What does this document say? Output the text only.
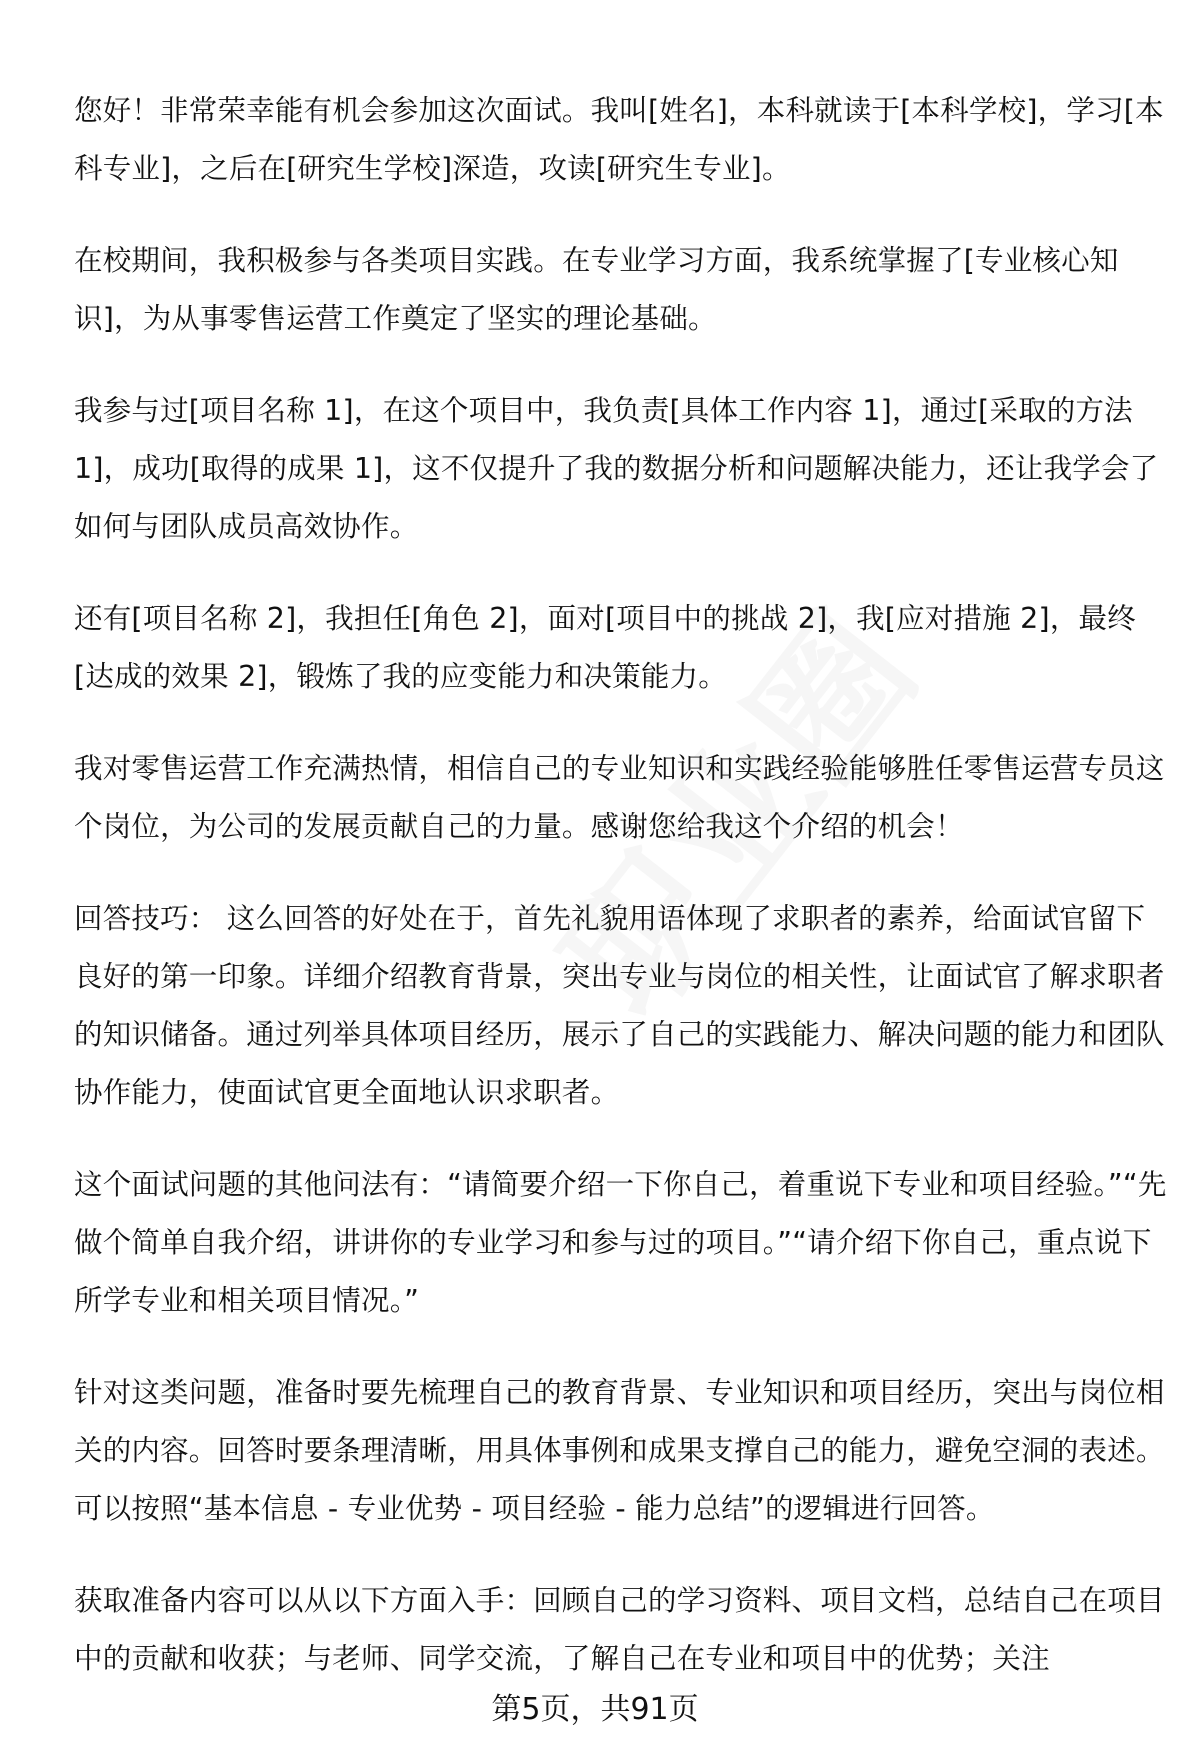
您好！非常荣幸能有机会参加这次面试。我叫[姓名]，本科就读于[本科学校]，学习[本科专业]，之后在[研究生学校]深造，攻读[研究生专业]。

在校期间，我积极参与各类项目实践。在专业学习方面，我系统掌握了[专业核心知识]，为从事零售运营工作奠定了坚实的理论基础。

我参与过[项目名称 1]，在这个项目中，我负责[具体工作内容 1]，通过[采取的方法 1]，成功[取得的成果 1]，这不仅提升了我的数据分析和问题解决能力，还让我学会了如何与团队成员高效协作。

还有[项目名称 2]，我担任[角色 2]，面对[项目中的挑战 2]，我[应对措施 2]，最终[达成的效果 2]，锻炼了我的应变能力和决策能力。

我对零售运营工作充满热情，相信自己的专业知识和实践经验能够胜任零售运营专员这个岗位，为公司的发展贡献自己的力量。感谢您给我这个介绍的机会！

回答技巧： 这么回答的好处在于，首先礼貌用语体现了求职者的素养，给面试官留下良好的第一印象。详细介绍教育背景，突出专业与岗位的相关性，让面试官了解求职者的知识储备。通过列举具体项目经历，展示了自己的实践能力、解决问题的能力和团队协作能力，使面试官更全面地认识求职者。

这个面试问题的其他问法有：“请简要介绍一下你自己，着重说下专业和项目经验。”“先做个简单自我介绍，讲讲你的专业学习和参与过的项目。”“请介绍下你自己，重点说下所学专业和相关项目情况。”

针对这类问题，准备时要先梳理自己的教育背景、专业知识和项目经历，突出与岗位相关的内容。回答时要条理清晰，用具体事例和成果支撑自己的能力，避免空洞的表述。可以按照“基本信息 - 专业优势 - 项目经验 - 能力总结”的逻辑进行回答。

获取准备内容可以从以下方面入手：回顾自己的学习资料、项目文档，总结自己在项目中的贡献和收获；与老师、同学交流，了解自己在专业和项目中的优势；关注

第5页，共91页
